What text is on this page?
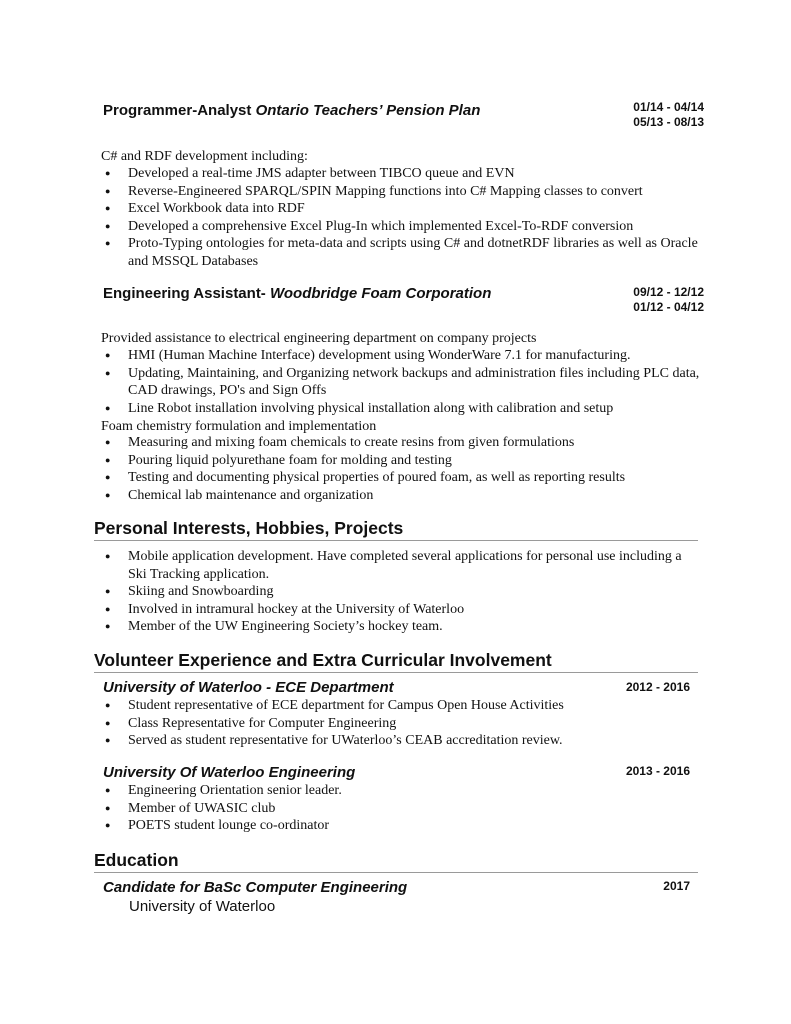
Programmer-Analyst Ontario Teachers’ Pension Plan	01/14 - 04/14
05/13 - 08/13
C# and RDF development including:
● Developed a real-time JMS adapter between TIBCO queue and EVN
● Reverse-Engineered SPARQL/SPIN Mapping functions into C# Mapping classes to convert
● Excel Workbook data into RDF
● Developed a comprehensive Excel Plug-In which implemented Excel-To-RDF conversion
● Proto-Typing ontologies for meta-data and scripts using C# and dotnetRDF libraries as well as Oracle and MSSQL Databases
Engineering Assistant- Woodbridge Foam Corporation	09/12 - 12/12
01/12 - 04/12
Provided assistance to electrical engineering department on company projects
● HMI (Human Machine Interface) development using WonderWare 7.1 for manufacturing.
● Updating, Maintaining, and Organizing network backups and administration files including PLC data, CAD drawings, PO's and Sign Offs
● Line Robot installation involving physical installation along with calibration and setup
Foam chemistry formulation and implementation
● Measuring and mixing foam chemicals to create resins from given formulations
● Pouring liquid polyurethane foam for molding and testing
● Testing and documenting physical properties of poured foam, as well as reporting results
● Chemical lab maintenance and organization
Personal Interests, Hobbies, Projects
● Mobile application development. Have completed several applications for personal use including a Ski Tracking application.
● Skiing and Snowboarding
● Involved in intramural hockey at the University of Waterloo
● Member of the UW Engineering Society’s hockey team.
Volunteer Experience and Extra Curricular Involvement
University of Waterloo - ECE Department	2012 - 2016
● Student representative of ECE department for Campus Open House Activities
● Class Representative for Computer Engineering
● Served as student representative for UWaterloo’s CEAB accreditation review.
University Of Waterloo Engineering	2013 - 2016
● Engineering Orientation senior leader.
● Member of UWASIC club
● POETS student lounge co-ordinator
Education
Candidate for BaSc Computer Engineering	2017
University of Waterloo
